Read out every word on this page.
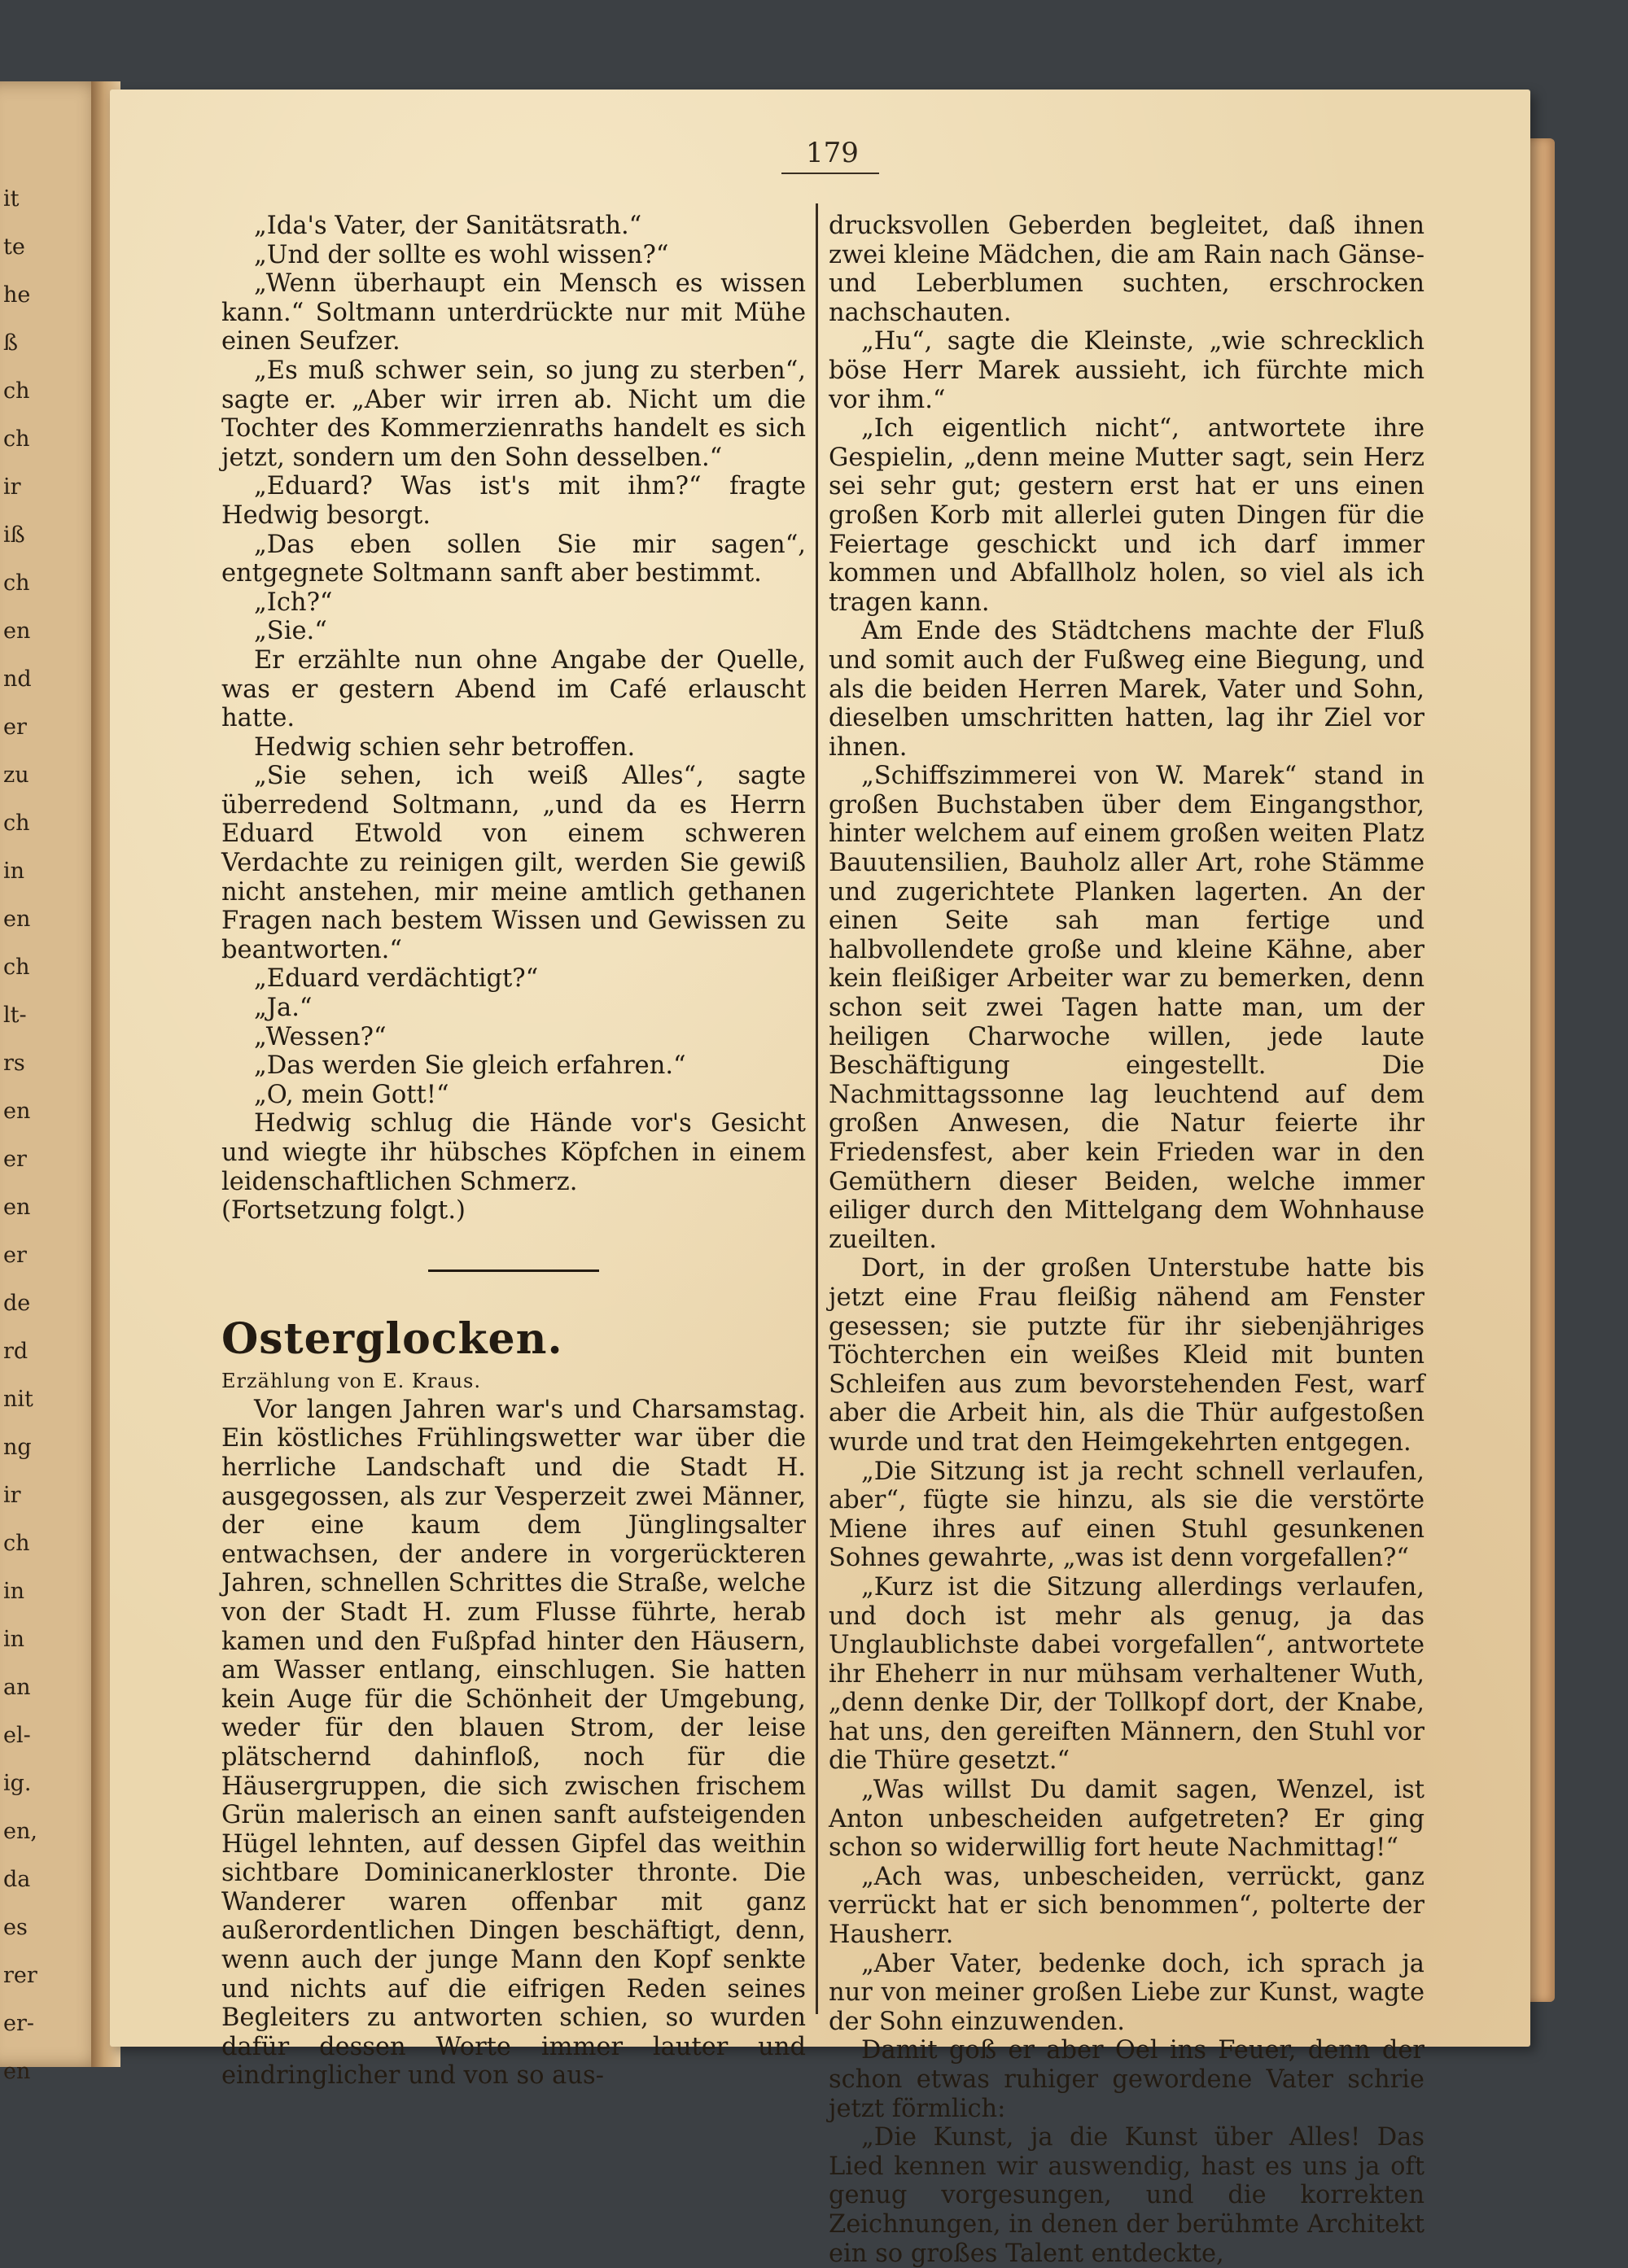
it
te
he
ß
ch
ch
ir
iß
ch
en
nd
er
zu
ch
in
en
ch
lt-
rs
en
er
en
er
de
rd
nit
ng
ir
ch
in
in
an
el-
ig.
en,
da
es
rer
er-
en
179

„Ida's Vater, der Sanitätsrath.“

„Und der sollte es wohl wissen?“

„Wenn überhaupt ein Mensch es wissen kann.“ Soltmann unterdrückte nur mit Mühe einen Seufzer.

„Es muß schwer sein, so jung zu sterben“, sagte er. „Aber wir irren ab. Nicht um die Tochter des Kommerzienraths handelt es sich jetzt, sondern um den Sohn desselben.“

„Eduard? Was ist's mit ihm?“ fragte Hedwig besorgt.

„Das eben sollen Sie mir sagen“, entgegnete Soltmann sanft aber bestimmt.

„Ich?“

„Sie.“

Er erzählte nun ohne Angabe der Quelle, was er gestern Abend im Café erlauscht hatte.

Hedwig schien sehr betroffen.

„Sie sehen, ich weiß Alles“, sagte überredend Soltmann, „und da es Herrn Eduard Etwold von einem schweren Verdachte zu reinigen gilt, werden Sie gewiß nicht anstehen, mir meine amtlich gethanen Fragen nach bestem Wissen und Gewissen zu beantworten.“

„Eduard verdächtigt?“

„Ja.“

„Wessen?“

„Das werden Sie gleich erfahren.“

„O, mein Gott!“

Hedwig schlug die Hände vor's Gesicht und wiegte ihr hübsches Köpfchen in einem leidenschaftlichen Schmerz.

(Fortsetzung folgt.)

Osterglocken.

Erzählung von E. Kraus.

Vor langen Jahren war's und Charsamstag. Ein köstliches Frühlingswetter war über die herrliche Landschaft und die Stadt H. ausgegossen, als zur Vesperzeit zwei Männer, der eine kaum dem Jünglingsalter entwachsen, der andere in vorgerückteren Jahren, schnellen Schrittes die Straße, welche von der Stadt H. zum Flusse führte, herab kamen und den Fußpfad hinter den Häusern, am Wasser entlang, einschlugen. Sie hatten kein Auge für die Schönheit der Umgebung, weder für den blauen Strom, der leise plätschernd dahinfloß, noch für die Häusergruppen, die sich zwischen frischem Grün malerisch an einen sanft aufsteigenden Hügel lehnten, auf dessen Gipfel das weithin sichtbare Dominicanerkloster thronte. Die Wanderer waren offenbar mit ganz außerordentlichen Dingen beschäftigt, denn, wenn auch der junge Mann den Kopf senkte und nichts auf die eifrigen Reden seines Begleiters zu antworten schien, so wurden dafür dessen Worte immer lauter und eindringlicher und von so aus-

drucksvollen Geberden begleitet, daß ihnen zwei kleine Mädchen, die am Rain nach Gänse- und Leberblumen suchten, erschrocken nachschauten.

„Hu“, sagte die Kleinste, „wie schrecklich böse Herr Marek aussieht, ich fürchte mich vor ihm.“

„Ich eigentlich nicht“, antwortete ihre Gespielin, „denn meine Mutter sagt, sein Herz sei sehr gut; gestern erst hat er uns einen großen Korb mit allerlei guten Dingen für die Feiertage geschickt und ich darf immer kommen und Abfallholz holen, so viel als ich tragen kann.

Am Ende des Städtchens machte der Fluß und somit auch der Fußweg eine Biegung, und als die beiden Herren Marek, Vater und Sohn, dieselben umschritten hatten, lag ihr Ziel vor ihnen.

„Schiffszimmerei von W. Marek“ stand in großen Buchstaben über dem Eingangsthor, hinter welchem auf einem großen weiten Platz Bauutensilien, Bauholz aller Art, rohe Stämme und zugerichtete Planken lagerten. An der einen Seite sah man fertige und halbvollendete große und kleine Kähne, aber kein fleißiger Arbeiter war zu bemerken, denn schon seit zwei Tagen hatte man, um der heiligen Charwoche willen, jede laute Beschäftigung eingestellt. Die Nachmittagssonne lag leuchtend auf dem großen Anwesen, die Natur feierte ihr Friedensfest, aber kein Frieden war in den Gemüthern dieser Beiden, welche immer eiliger durch den Mittelgang dem Wohnhause zueilten.

Dort, in der großen Unterstube hatte bis jetzt eine Frau fleißig nähend am Fenster gesessen; sie putzte für ihr siebenjähriges Töchterchen ein weißes Kleid mit bunten Schleifen aus zum bevorstehenden Fest, warf aber die Arbeit hin, als die Thür aufgestoßen wurde und trat den Heimgekehrten entgegen.

„Die Sitzung ist ja recht schnell verlaufen, aber“, fügte sie hinzu, als sie die verstörte Miene ihres auf einen Stuhl gesunkenen Sohnes gewahrte, „was ist denn vorgefallen?“

„Kurz ist die Sitzung allerdings verlaufen, und doch ist mehr als genug, ja das Unglaublichste dabei vorgefallen“, antwortete ihr Eheherr in nur mühsam verhaltener Wuth, „denn denke Dir, der Tollkopf dort, der Knabe, hat uns, den gereiften Männern, den Stuhl vor die Thüre gesetzt.“

„Was willst Du damit sagen, Wenzel, ist Anton unbescheiden aufgetreten? Er ging schon so widerwillig fort heute Nachmittag!“

„Ach was, unbescheiden, verrückt, ganz verrückt hat er sich benommen“, polterte der Hausherr.

„Aber Vater, bedenke doch, ich sprach ja nur von meiner großen Liebe zur Kunst, wagte der Sohn einzuwenden.

Damit goß er aber Oel ins Feuer, denn der schon etwas ruhiger gewordene Vater schrie jetzt förmlich:

„Die Kunst, ja die Kunst über Alles! Das Lied kennen wir auswendig, hast es uns ja oft genug vorgesungen, und die korrekten Zeichnungen, in denen der berühmte Architekt ein so großes Talent entdeckte,
